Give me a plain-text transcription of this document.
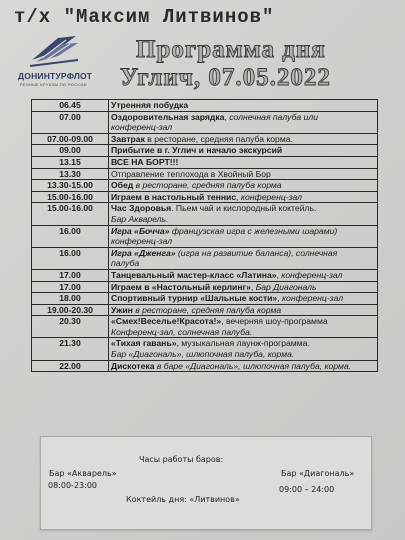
т/х "Максим Литвинов"
ДОНИНТУРФЛОТ
РЕЧНЫЕ КРУИЗЫ ПО РОССИИ
Программа дня
Углич, 07.05.2022
06.45	Утренняя побудка

07.00	Оздоровительная зарядка, солнечная палуба или
конференц-зал

07.00-09.00	Завтрак в ресторане, средняя палуба корма.

09.00	Прибытие в г. Углич и начало экскурсий

13.15	ВСЕ НА БОРТ!!!

13.30	Отправление теплохода в Хвойный Бор

13.30-15.00	Обед в ресторане, средняя палуба корма

15.00-16.00	Играем в настольный теннис, конференц-зал

15.00-16.00	Час Здоровья. Пьем чай и кислородный коктейль.
Бар Акварель.

16.00	Игра «Бочча» французская игра с железными шарами)
конференц-зал

16.00	Игра «Дженга» (игра на развитие баланса), солнечная
палуба

17.00	Танцевальный мастер-класс «Латина», конференц-зал

17.00	Играем в «Настольный керлинг», Бар Диагональ

18.00	Спортивный турнир «Шальные кости», конференц-зал

19.00-20.30	Ужин в ресторане, средняя палуба корма

20.30	«Смех!Веселье!Красота!», вечерняя шоу-программа
Конференц-зал, солнечная палуба.

21.30	«Тихая гавань», музыкальная лаунж-программа.
Бар «Диагональ», шлюпочная палуба, корма.

22.00	Дискотека в баре «Диагональ», шлюпочная палуба, корма.
Часы работы баров:
Бар «Акварель»
08:00-23:00
Бар «Диагональ»
09:00 – 24:00
Коктейль дня: «Литвинов»
